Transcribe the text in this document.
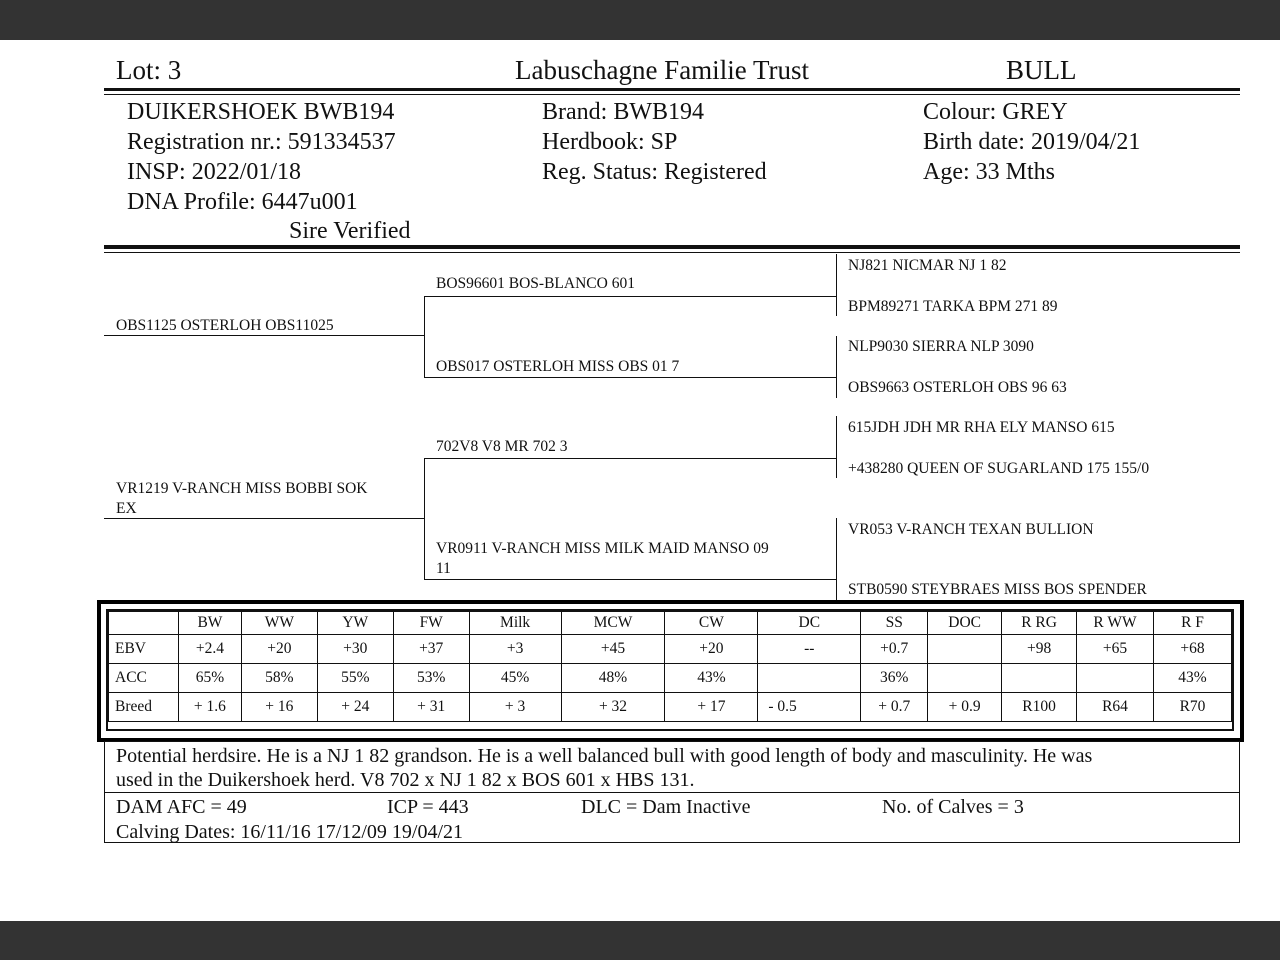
Lot: 3	Labuschagne Familie Trust	BULL
DUIKERSHOEK BWB194
Registration nr.: 591334537
INSP: 2022/01/18
DNA Profile: 6447u001
Sire Verified
Brand: BWB194
Herdbook: SP
Reg. Status: Registered
Colour: GREY
Birth date: 2019/04/21
Age: 33 Mths
OBS1125 OSTERLOH OBS11025
VR1219 V-RANCH MISS BOBBI SOK
EX
BOS96601 BOS-BLANCO 601
OBS017 OSTERLOH MISS OBS 01 7
702V8 V8 MR 702 3
VR0911 V-RANCH MISS MILK MAID MANSO 09
11
NJ821 NICMAR NJ 1 82
BPM89271 TARKA BPM 271 89
NLP9030 SIERRA NLP 3090
OBS9663 OSTERLOH OBS 96 63
615JDH JDH MR RHA ELY MANSO 615
+438280 QUEEN OF SUGARLAND 175 155/0
VR053 V-RANCH TEXAN BULLION
STB0590 STEYBRAES MISS BOS SPENDER
	BW	WW	YW	FW	Milk	MCW	CW	DC	SS	DOC	R RG	R WW	R F
EBV	+2.4	+20	+30	+37	+3	+45	+20	--	+0.7		+98	+65	+68
ACC	65%	58%	55%	53%	45%	48%	43%		36%				43%
Breed	+ 1.6	+ 16	+ 24	+ 31	+ 3	+ 32	+ 17	- 0.5	+ 0.7	+ 0.9	R100	R64	R70
Potential herdsire. He is a NJ 1 82 grandson. He is a well balanced bull with good length of body and masculinity. He was
used in the Duikershoek herd. V8 702 x NJ 1 82 x BOS 601 x HBS 131.
DAM AFC = 49	ICP = 443	DLC = Dam Inactive	No. of Calves = 3
Calving Dates: 16/11/16 17/12/09 19/04/21
